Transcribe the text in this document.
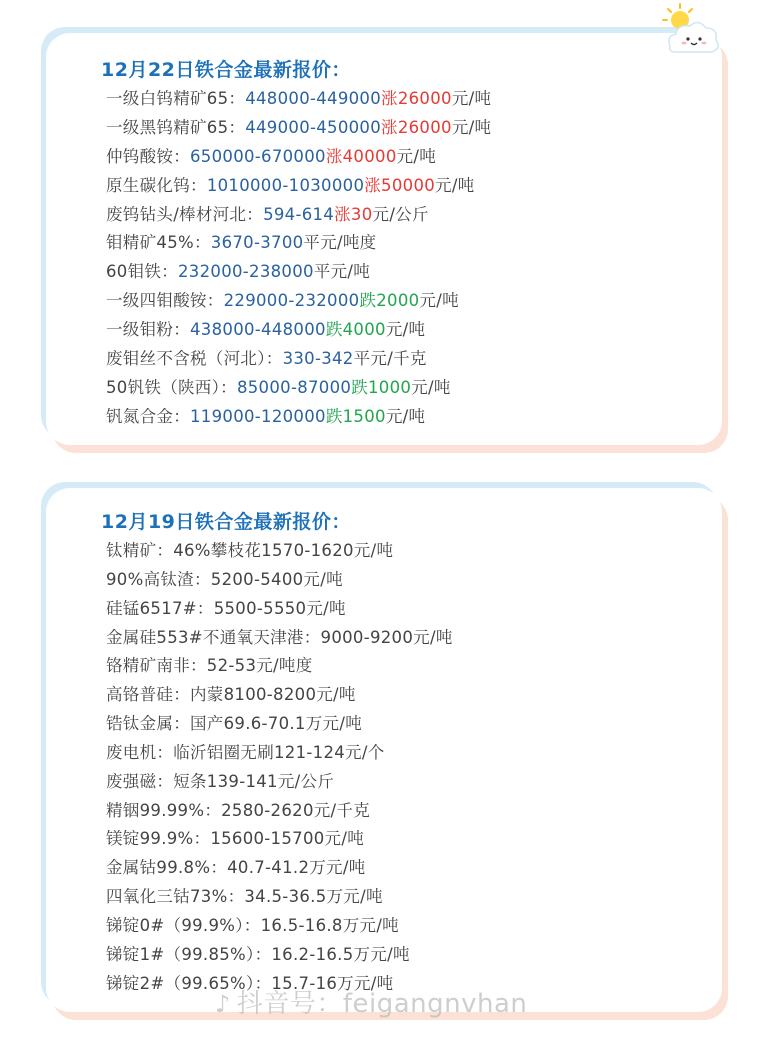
12月22日铁合金最新报价：
一级白钨精矿65：448000-449000涨26000元/吨
一级黑钨精矿65：449000-450000涨26000元/吨
仲钨酸铵：650000-670000涨40000元/吨
原生碳化钨：1010000-1030000涨50000元/吨
废钨钻头/棒材河北：594-614涨30元/公斤
钼精矿45%：3670-3700平元/吨度
60钼铁：232000-238000平元/吨
一级四钼酸铵：229000-232000跌2000元/吨
一级钼粉：438000-448000跌4000元/吨
废钼丝不含税（河北）：330-342平元/千克
50钒铁（陕西）：85000-87000跌1000元/吨
钒氮合金：119000-120000跌1500元/吨
12月19日铁合金最新报价：
钛精矿：46%攀枝花1570-1620元/吨
90%高钛渣：5200-5400元/吨
硅锰6517#：5500-5550元/吨
金属硅553#不通氧天津港：9000-9200元/吨
铬精矿南非：52-53元/吨度
高铬普硅：内蒙8100-8200元/吨
锆钛金属：国产69.6-70.1万元/吨
废电机：临沂铝圈无刷121-124元/个
废强磁：短条139-141元/公斤
精铟99.99%：2580-2620元/千克
镁锭99.9%：15600-15700元/吨
金属钴99.8%：40.7-41.2万元/吨
四氧化三钴73%：34.5-36.5万元/吨
锑锭0#（99.9%）：16.5-16.8万元/吨
锑锭1#（99.85%）：16.2-16.5万元/吨
锑锭2#（99.65%）：15.7-16万元/吨
♪ 抖音号：feigangnvhan
